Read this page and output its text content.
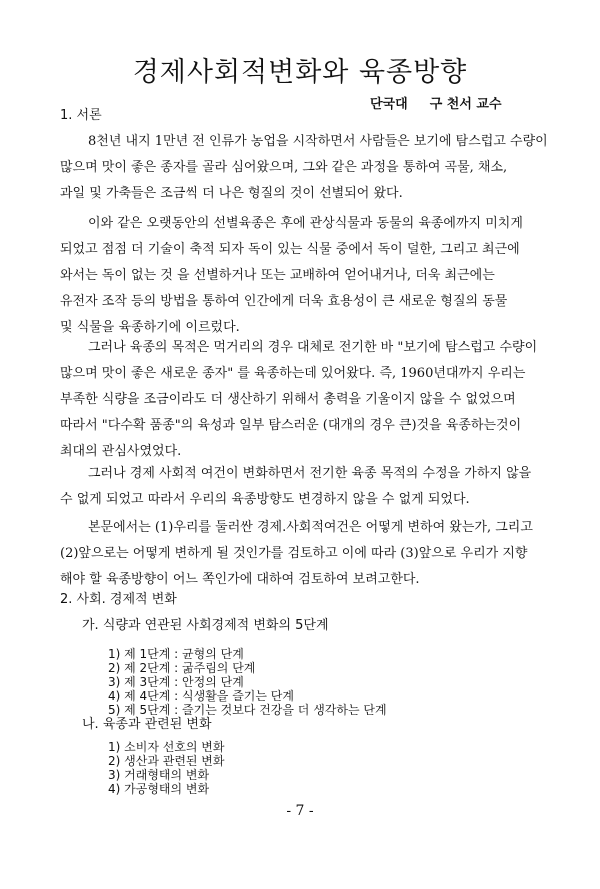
경제사회적변화와 육종방향
단국대 구 천서 교수
1. 서론
8천년 내지 1만년 전 인류가 농업을 시작하면서 사람들은 보기에 탐스럽고 수량이
많으며 맛이 좋은 종자를 골라 심어왔으며, 그와 같은 과정을 통하여 곡물, 채소,
과일 및 가축들은 조금씩 더 나은 형질의 것이 선별되어 왔다.
이와 같은 오랫동안의 선별육종은 후에 관상식물과 동물의 육종에까지 미치게
되었고 점점 더 기술이 축적 되자 독이 있는 식물 중에서 독이 덜한, 그리고 최근에
와서는 독이 없는 것 을 선별하거나 또는 교배하여 얻어내거나, 더욱 최근에는
유전자 조작 등의 방법을 통하여 인간에게 더욱 효용성이 큰 새로운 형질의 동물
및 식물을 육종하기에 이르렀다.
그러나 육종의 목적은 먹거리의 경우 대체로 전기한 바 "보기에 탐스럽고 수량이
많으며 맛이 좋은 새로운 종자" 를 육종하는데 있어왔다. 즉, 1960년대까지 우리는
부족한 식량을 조금이라도 더 생산하기 위해서 총력을 기울이지 않을 수 없었으며
따라서 "다수확 품종"의 육성과 일부 탐스러운 (대개의 경우 큰)것을 육종하는것이
최대의 관심사였었다.
그러나 경제 사회적 여건이 변화하면서 전기한 육종 목적의 수정을 가하지 않을
수 없게 되었고 따라서 우리의 육종방향도 변경하지 않을 수 없게 되었다.
본문에서는 (1)우리를 둘러싼 경제.사회적여건은 어떻게 변하여 왔는가, 그리고
(2)앞으로는 어떻게 변하게 될 것인가를 검토하고 이에 따라 (3)앞으로 우리가 지향
해야 할 육종방향이 어느 쪽인가에 대하여 검토하여 보려고한다.
2. 사회. 경제적 변화
가. 식량과 연관된 사회경제적 변화의 5단계
1) 제 1단계 : 균형의 단계
2) 제 2단계 : 굶주림의 단계
3) 제 3단계 : 안정의 단계
4) 제 4단계 : 식생활을 즐기는 단계
5) 제 5단계 : 즐기는 것보다 건강을 더 생각하는 단계
나. 육종과 관련된 변화
1) 소비자 선호의 변화
2) 생산과 관련된 변화
3) 거래형태의 변화
4) 가공형태의 변화
- 7 -
